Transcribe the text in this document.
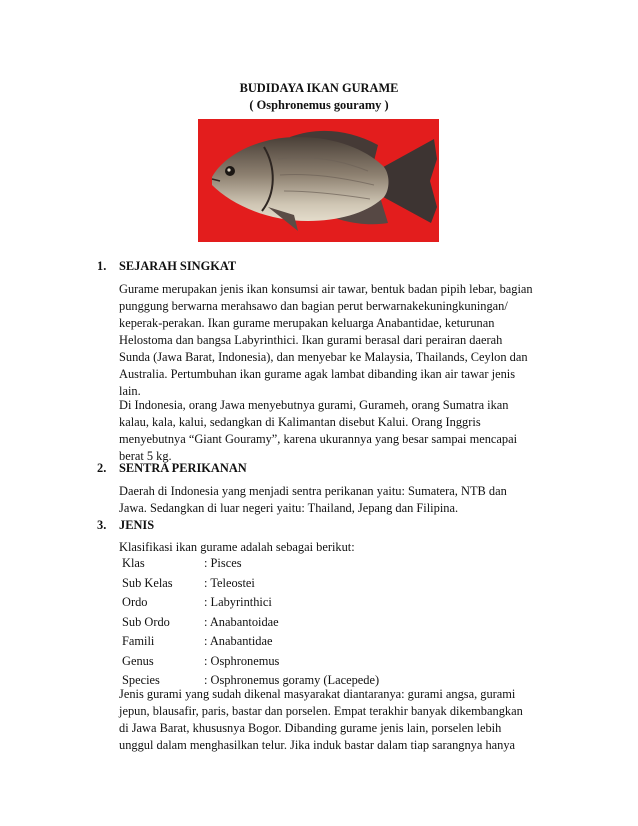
BUDIDAYA IKAN GURAME
( Osphronemus gouramy )
1. SEJARAH SINGKAT
Gurame merupakan jenis ikan konsumsi air tawar, bentuk badan pipih lebar, bagian
punggung berwarna merahsawo dan bagian perut berwarnakekuningkuningan/
keperak-perakan. Ikan gurame merupakan keluarga Anabantidae, keturunan
Helostoma dan bangsa Labyrinthici. Ikan gurami berasal dari perairan daerah
Sunda (Jawa Barat, Indonesia), dan menyebar ke Malaysia, Thailands, Ceylon dan
Australia. Pertumbuhan ikan gurame agak lambat dibanding ikan air tawar jenis
lain.
Di Indonesia, orang Jawa menyebutnya gurami, Gurameh, orang Sumatra ikan
kalau, kala, kalui, sedangkan di Kalimantan disebut Kalui. Orang Inggris
menyebutnya “Giant Gouramy”, karena ukurannya yang besar sampai mencapai
berat 5 kg.
2. SENTRA PERIKANAN
Daerah di Indonesia yang menjadi sentra perikanan yaitu: Sumatera, NTB dan
Jawa. Sedangkan di luar negeri yaitu: Thailand, Jepang dan Filipina.
3. JENIS
Klasifikasi ikan gurame adalah sebagai berikut:
Klas	: Pisces
Sub Kelas	: Teleostei
Ordo	: Labyrinthici
Sub Ordo	: Anabantoidae
Famili	: Anabantidae
Genus	: Osphronemus
Species	: Osphronemus goramy (Lacepede)
Jenis gurami yang sudah dikenal masyarakat diantaranya: gurami angsa, gurami
jepun, blausafir, paris, bastar dan porselen. Empat terakhir banyak dikembangkan
di Jawa Barat, khususnya Bogor. Dibanding gurame jenis lain, porselen lebih
unggul dalam menghasilkan telur. Jika induk bastar dalam tiap sarangnya hanya
